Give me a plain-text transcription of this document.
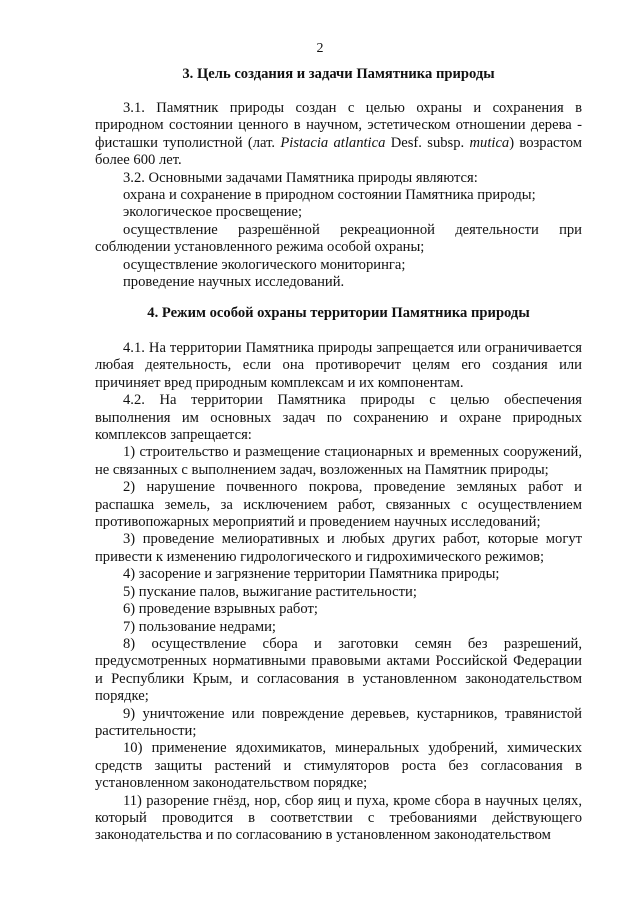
2
3. Цель создания и задачи Памятника природы

3.1. Памятник природы создан с целью охраны и сохранения в природном состоянии ценного в научном, эстетическом отношении дерева - фисташки туполистной (лат. Pistacia atlantica Desf. subsp. mutica) возрастом более 600 лет.

3.2. Основными задачами Памятника природы являются:

охрана и сохранение в природном состоянии Памятника природы;

экологическое просвещение;

осуществление разрешённой рекреационной деятельности при

соблюдении установленного режима особой охраны;

осуществление экологического мониторинга;

проведение научных исследований.

4. Режим особой охраны территории Памятника природы

4.1. На территории Памятника природы запрещается или ограничивается любая деятельность, если она противоречит целям его создания или причиняет вред природным комплексам и их компонентам.

4.2. На территории Памятника природы с целью обеспечения выполнения им основных задач по сохранению и охране природных комплексов запрещается:

1) строительство и размещение стационарных и временных сооружений, не связанных с выполнением задач, возложенных на Памятник природы;

2) нарушение почвенного покрова, проведение земляных работ и распашка земель, за исключением работ, связанных с осуществлением противопожарных мероприятий и проведением научных исследований;

3) проведение мелиоративных и любых других работ, которые могут привести к изменению гидрологического и гидрохимического режимов;

4) засорение и загрязнение территории Памятника природы;

5) пускание палов, выжигание растительности;

6) проведение взрывных работ;

7) пользование недрами;

8) осуществление сбора и заготовки семян без разрешений, предусмотренных нормативными правовыми актами Российской Федерации и Республики Крым, и согласования в установленном законодательством порядке;

9) уничтожение или повреждение деревьев, кустарников, травянистой растительности;

10) применение ядохимикатов, минеральных удобрений, химических средств защиты растений и стимуляторов роста без согласования в установленном законодательством порядке;

11) разорение гнёзд, нор, сбор яиц и пуха, кроме сбора в научных целях, который проводится в соответствии с требованиями действующего законодательства и по согласованию в установленном законодательством
